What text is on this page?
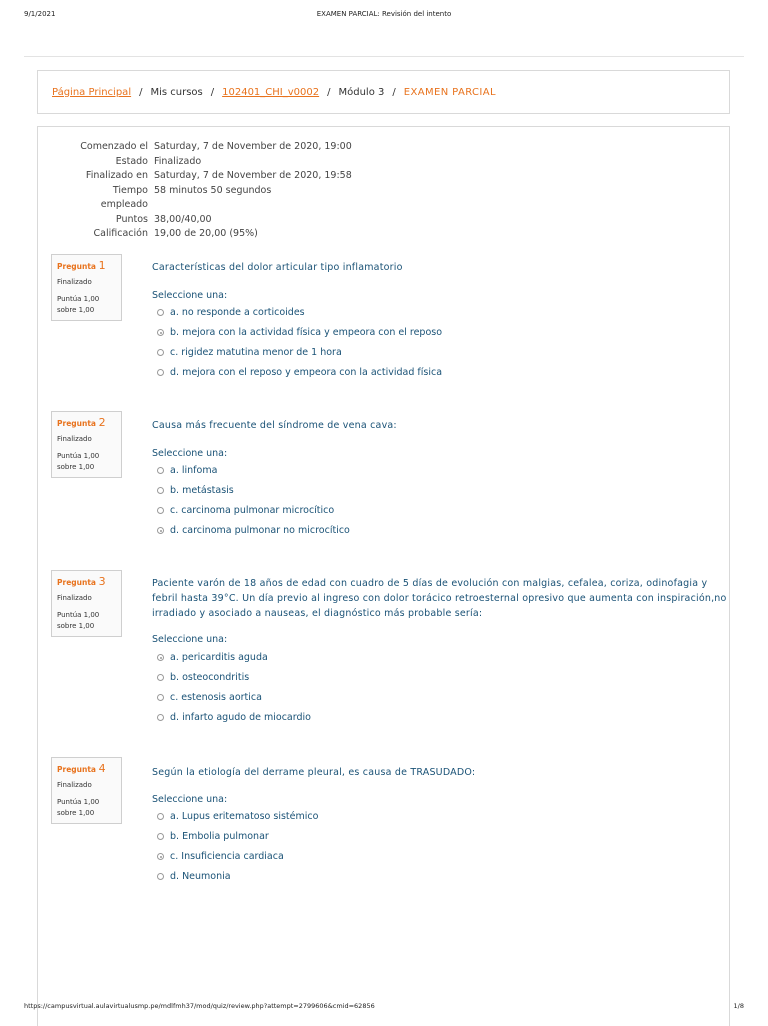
9/1/2021	EXAMEN PARCIAL: Revisión del intento
Página Principal / Mis cursos / 102401_CHI_v0002 / Módulo 3 / EXAMEN PARCIAL
Comenzado el Saturday, 7 de November de 2020, 19:00
Estado Finalizado
Finalizado en Saturday, 7 de November de 2020, 19:58
Tiempo empleado
58 minutos 50 segundos
Puntos 38,00/40,00
Calificación 19,00 de 20,00 (95%)
Pregunta 1
Finalizado
Puntúa 1,00 sobre 1,00
Características del dolor articular tipo inflamatorio
Seleccione una:
a. no responde a corticoides
b. mejora con la actividad física y empeora con el reposo
c. rigidez matutina menor de 1 hora
d. mejora con el reposo y empeora con la actividad física
Pregunta 2
Finalizado
Puntúa 1,00 sobre 1,00
Causa más frecuente del síndrome de vena cava:
Seleccione una:
a. linfoma
b. metástasis
c. carcinoma pulmonar microcítico
d. carcinoma pulmonar no microcítico
Pregunta 3
Finalizado
Puntúa 1,00 sobre 1,00
Paciente varón de 18 años de edad con cuadro de 5 días de evolución con malgias, cefalea, coriza, odinofagia y febril hasta 39°C. Un día previo al ingreso con dolor torácico retroesternal opresivo que aumenta con inspiración,no irradiado y asociado a nauseas, el diagnóstico más probable sería:
Seleccione una:
a. pericarditis aguda
b. osteocondritis
c. estenosis aortica
d. infarto agudo de miocardio
Pregunta 4
Finalizado
Puntúa 1,00 sobre 1,00
Según la etiología del derrame pleural, es causa de TRASUDADO:
Seleccione una:
a. Lupus eritematoso sistémico
b. Embolia pulmonar
c. Insuficiencia cardiaca
d. Neumonia
https://campusvirtual.aulavirtualusmp.pe/mdlfmh37/mod/quiz/review.php?attempt=2799606&cmid=62856	1/8
